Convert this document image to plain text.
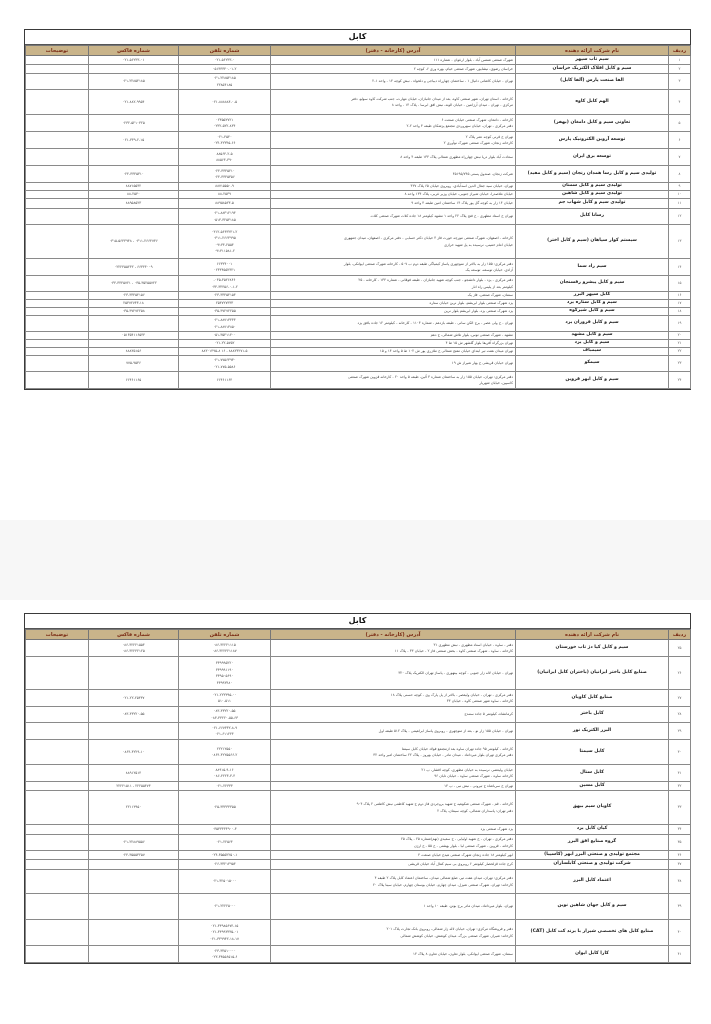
کابل
ردیف	نام شرکت ارائه دهنده	آدرس (کارخانه - دفتر)	شماره تلفن	شماره فاکس	توضیحات
۱	سیم تاب سپهر	شهرک صنعتی شمس آباد - بلوار ارغوان - شماره ۱۱۱	۰۲۱-۵۶۲۳۳-۰	۰۲۱-۵۶۲۳۳-۰۱	

۲	سیم و کابل افلاک الکتریک خراسان	خراسان رضوی، نیشابور، شهرک صنعتی خیام، بهره وری ۶، کوچه ۲	۰۵۱۴۳۳۴۰-۰۱-۲		

۳	الفا صنعت پارس (آلفا کابل)	تهران - خیابان کاشانی دانیال ۱ - ساختمان چهارراه دیباجی و دلخواه - نبش کوچه ۱۴ - واحد ۱-۲	۰۲۱-۲۲۸۵۴۱۸۵
۲۲۸۵۴۱۸۵	۰۲۱-۲۲۸۵۴۱۸۵	

۴	الهم کابل کاوه	کارخانه - استان تهران، شهر صنعتی کاوه، بعد از میدان جانبازان، خیابان مهارت، جنب شرکت کاوه سولو، دفتر
مرکزی - تهران - میدان آرژانتین - خیابان الوند، نبش افق ابرسا - پلاک ۱۴ - واحد ۸	۰۲۱-۸۸۸۸۸۴-۰-۵	۰۲۱-۸۸۲-۹۹۵۴	

۵	تعاونی سیم و کابل دامغان (بهفر)	کارخانه - دامغان، شهرک صنعتی خیابان صنعت ۶
دفتر مرکزی - تهران، خیابان سهروردی مجتمع پزشکان طبقه ۳ واحد ۲-۲	۰۲۳۵۵۲۷۲۱
۰۲۳۲-۵۲۲-۸۳۴	۰۲۳۲-۵۲۱۰۳۲۵	

۶	توسعه آروین الکترونیک پارس	تهران خ قرنی کوچه عمر پلاک ۲
کارخانه زنجان، شهرک صنعتی شهرک نوآوری ۲	۰۲۱-۴۵۴۰
۰۲۴-۳۲۳۴۵-۶۶	۰۲۱-۳۳۹-۲-۱۵	

۷	توسعه برق ایران	سعادت آباد بلوار دریا نبش چهارراه مطهری شمالی پلاک ۱۳۴ طبقه ۴ واحد ۸	۸۸۵۶۴-۲-۵
۸۸۵۶۴-۳۹۰		

۸	تولیدی سیم و کابل رسا همدان زنجان (سیم و کابل مفید)	شرکت زنجان، صندوق پستی ۴۵۱۹۵/۷۴۵	۰۲۴-۳۳۴۵۲۱۰
۰۲۴-۳۳۴۵۳۵۶	۰۲۴-۳۳۴۵۳۱۰	

۹	تولیدی سیم و کابل سمنان	تهران، خیابان سید جمال الدین اسدآبادی، روبروی خیابان ۶۵ پلاک ۴۳۷	۸۸۷۱۵۵۵۰-۹	۸۸۷۱۵۵۴۲	

۱۰	تولیدی سیم و کابل شاهین	خیابان ملاصدرا، خیابان شیراز جنوبی، خیابان وزیر غربی، پلاک ۱۳۴ واحد ۸	۸۸-۲۵۳۹	۸۸-۲۵۴۰	

۱۱	تولیدی سیم و کابل شهاب جم	خیابان ۱۴ زار به کوچه گل پور پلاک ۱۴ ساختمان امین طبقه ۴ واحد ۹	۸۸۹۵۸۵۲۳-۵	۸۸۹۵۸۵۲۳	

۱۲	رسانا کابل	تهران خ استاد مطهری - خ فتح پلاک ۲۲ واحد ۱ مشهد کیلومتر ۱۸ جاده کلات شهرک صنعتی کلات	۰۲۱-۸۸۳۱۲۱۹۴
۰۵۱۳-۳۲۵۳۱۸۵		

۱۳	سیستم کوار سپاهان (سیم و کابل اختر)	کارخانه - اصفهان، شهرک صنعتی مورچه خورت فاز ۴ خیابان دکتر حسابی - دفتر مرکزی - اصفهان، میدان جمهوری
خیابان امام خمینی، نرسیده به پل شهید خرازی	۰۳۱۲-۵۶۴۳۲۴۱-۲
۰۳۱۱-۲۶۶۳۹۹۵
۰۹۱۳۴-۲۵۵۴
۰۹۱۳۱۱۵۸۱-۲	۰۳۱۱-۲۶۶۴۷۳۶ ، ۰۳۱۵-۵۶۴۳۹۴۸	

۱۴	سیم راد سما	دفتر مرکزی: ۱۵۵ زار به بالاتر از منوچهری پاساژ کیمیاگی طبقه دوم ب ۵۰۷ - کارخانه شهرک صنعتی ایوانکی، بلوار
آزادی، خیابان توسعه، توسعه یک	۶۶۳۳۴۰۰۱
۰۲۳۳۴۵۵۲۴۲۱	۶۶۳۴۴۰۰۹ ، ۰۲۲۲۴۵۵۲۳۲	

۱۵	سیم و کابل پیشرو رفسنجان	دفتر مرکزی - یزد - بلوار دانشجو - جنب کوچه شهید جانبازان - طبقه فوقانی - شماره ۱۳۴ - کارخانه - ۲۵
کیلومتر بعد از پلیس راه انار	۰۳۵-۳۵۲۶۸۴۶-
۰۳۴-۳۴۴۵۶-۰-۱-۲	۰۳۵-۳۵۲۵۵۷۲۲ ، ۰۳۴-۳۴۴۵۷۲۱	

۱۶	کابل سپهر البرز	سمنان، شهرک صنعتی، فاز یک	۰۲۳-۳۳۴۵۴۱۵۴	۰۲۳-۳۳۴۵۴۱۵۶	

۱۷	سیم و کابل ستاره یزد	یزد شهرک صنعتی بلوار ابریشم، بلوار نرین خیابان ستاره	۲۵۳۷۲۷۳۳۳	۲۵۳۷۲۷۳۳-۱۸	

۱۸	سیم و کابل شیرکوه	یزد شهرک صنعتی یزد، بلوار ابریشم بلوار نرین	۰۳۵-۳۷۲۷۲۲۵۵	۰۳۵-۳۷۲۷۲۲۵۸	

۱۹	سیم و کابل فروزان یزد	تهران - خ ولی عصر - برج الکن سانی - طبقه بازدهم - شماره ۱۱۰۳ - کارخانه - کیلومتر ۱۲ جاده بافق یزد	۰۲۱-۸۸۷۱۳۴۳۴
۰۲۱-۸۸۷۱۳۸۵۰		

۲۰	سیم و کابل مشهد	مشهد - شهرک صنعتی توس، بلوار تلاش شمالی، خ دهم	۰۵۱-۳۵۴۱۱۴۰۰	۰۵۱۳۵۴۱۱۶۵۴۴	

۲۱	سیم و کابل یزد	تهران بزرگراه آفریقا بلوار گلشهر ش ۱۵ ط ۴	۰۲۱-۲۲-۵۷۵۲		

۲۲	سیمباف	تهران میدان هفت تیر ابتدای خیابان مفتح شمالی خ ملازری پور ش ۱۰۲ ط ۵ واحد ۱۴ و ۱۵	۸۸۸۳۴۲۷۱-۵ ، ۱۶ ۸۸۳۰۱۴۹۵-۸	۸۸۸۳۵۱۵۶	

۲۳	سیمکو	تهران خیابان قریشی خ بهار شیراز ش ۱۹	۰۲۱-۷۷۵۶۳۹۳۰
۰۲۱-۷۷۵-۵۵۸۶	۷۷۵-۹۵۳۶	

۲۴	سیم و کابل ابهر قزوین	دفتر مرکزی: تهران، خیابان ۱۵۵ زار به ساختمان شماره ۳ آلین، طبقه ۵ واحد ۲۰ - کارخانه قزوین شهرک صنعتی
کاسپین، خیابان شهریار	۶۶۴۶۱۱۶۴	۶۶۴۶۱۱۶۵	

کابل
ردیف	نام شرکت ارائه دهنده	آدرس (کارخانه - دفتر)	شماره تلفن	شماره فاکس	توضیحات
۲۵	سیم و کابل کیا دژ تاب خوزستان	دفتر - ساوه - خیابان استاد مطهری - نبش مطهری ۳۱
کارخانه - ساوه - شهرک صنعتی کاوه - بخش صنعتی فاز ۲ - خیابان ۳۳ - پلاک ۱۱	۰۸۶-۴۲۲۲۱۱۱۵
۰۸۶-۴۲۲۴۲۱۱۸۷	۰۸۶-۴۲۲۲۱۵۵۴
۰۸۶-۴۲۲۴۲۱۲۵	

۲۶	صنایع کابل باختر ایرانیان (باختران کابل ایرانیان)	تهران - خیابان لاله زار جنوبی - کوچه بیتهوری - پاساژ تهران الکتریک پلاک ۳۲۰	۳۳۹۹۹۵۲۲۰
۳۳۹۹۹۱۱۹۰
۳۳۹۵۰۵۶۹۰
۳۳۹۹۳۴۸۰		

۲۷	صنایع کابل کاویان	دفتر مرکزی - تهران - خیابان ولیعصر - بالاتر از پل پارک وی - کوچه حسنی پلاک ۱۸
کارخانه - ساوه شهر صنعتی کاوه - خیابان ۳۳	۰۲۱-۲۲۳۳۹۵-۰۰
۵۱۰-۵۱۱	۰۲۱-۲۲-۲۵۳۳۷	

۲۸	کابل باختر	کرمانشاه، کیلومتر ۵ جاده سنندج	۰۸۳-۳۳۲۲۰-۵۵
۰۸۳-۳۳۲۲۰-۵۵-۶۳	۰۸۳-۳۳۲۲۰-۵۵	

۲۹	البرز الکتریک نور	تهران - خیابان ۱۵۵ زار نو - بعد از منوچهری - روبروی پاساژ ابراهیمی - پلاک ۵۱۲ طبقه اول	۰۲۱-۶۶۷۳۳۲-۸-۹
۰۲۱-۶۱۱۲۴۴		

۳۰	کابل سیمتا	کارخانه - کیلومتر ۹۵ جاده تهران ساوه بعد ازمجتمع فولاد خیابان کابل سیمتا
دفتر مرکزی تهران بلوار میرداماد - میدان مادر - خیابان بهروز - پلاک ۲۲ ساختمان امیر واحد ۳۲	۲۲۲۱۲۵۵۰
۰۸۶۴-۴۲۲۵۵۶۶-۲	۰۸۶۴-۴۲۲۹-۱۰	

۳۱	کابل ستال	خیابان ولیعصر، نرسیده به خیابان مطهری، کوچه افشار، پ ۲۱
کارخانه ساوه - شهرک صنعتی ساوه - خیابان تابان ۹۶	۸۸۹۱۵-۹-۱۶
۰۸۶-۴۲۲۳-۳-۴	۸۸۹۱۲۵۱۴	

۳۲	کابل مسین	تهران خ سرباشاه خ تیرونی - نبش نبی - پ ۱۴	۰۲۱-۲۲۳۳۳	۲۲۲۵۵۴۷۳ ، ۲۲۲۲۱۵۱۱	

۳۳	کاویان سیم بیهق	کارخانه - قم - شهرک صنعتی شکوهیه خ شهید بروجردی فاز دوم خ شهید کاظمی نبش کاظمی ۲ پلاک ۹۰۴
دفتر تهران: پاسداران شمالی، کوچه سیمان، پلاک ۲	۰۲۵-۳۳۳۳۳۳۵۵	۲۲۱۱۳۹۵۰	

۳۴	کیان کابل یزد	یزد شهرک صنعتی یزد	۰۳۵۳۳۳۳۳۹۰۰-۳		

۳۵	گروه صنایع افق البرز	دفتر مرکزی - تهران - خ شهید اولیایی - خ سعیدی (نهم)شماره ۲۵ - پلاک ۲۵
کارخانه - قزوین - شهرک صنعتی لیا - بلوار بهشتی - خ ۵۵ - خ ارژن	۰۲۱-۲۲۵۶۴	۰۲۱-۲۲۸۸۹۵۵۶	

۳۶	مجتمع تولیدی و صنعتی البرز ابهر (کاسپیا)	ابهر کیلومتر ۱۸ جاده زنجان شهرک صنعتی هیدج خیابان صنعت ۴	۰۲۴-۳۵۵۵۲۲۵۰-۱	۰۲۴-۳۵۵۵۳۲۵۷	

۳۷	شرکت تولیدی و صنعتی کابلسازان	کرج جاده قزلحصار کیلومتر ۶ روبروی بی سیم کمال آباد خیابان قریشی	۰۲۶-۳۳۲۱۳۹۵۴		

۳۸	اعتماد کابل البرز	دفتر مرکزی: تهران، میدان هفت تیر، ضلع شمالی میدان، ساختمان اعتماد کابل پلاک ۲ طبقه ۴
کارخانه: تهران، شهرک صنعتی شیزل، میدان چهارم، خیابان بوستان چهارم، خیابان سینا پلاک ۲۰	۰۲۱-۴۲۵۰۱۵۰۰۰		

۳۹	سیم و کابل جهان شاهین نوین	تهران، بلوار میرداماد، میدان مادر برج بوتن، طبقه ۱۰ واحد ۱	۰۲۱-۲۲۲۲۵۰۰۰		

۴۰	صنایع کابل های تخصصی شیراز با برند کت کابل (CAT)	دفتر و فروشگاه مرکزی: تهران، خیابان لاله زار شمالی، روبروی بانک تجارت پلاک ۲۰۱
کارخانه: شیراز، شهرک صنعتی بزرگ، میدان کوشش، خیابان کوشش شمالی	۰۲۱-۳۳۹۸۵۶۷۴-۱۵
۰۲۱-۳۳۹۹۳۳۳۵-۰۱
۰۲۱-۳۳۹۹۳۲-۱۸-۱۷		

۴۱	کارا کابل ایوان	سمنان، شهرک صنعتی ایوانکی، بلوار تعاون، خیابان تعاون ۸ پلاک ۱۴	۰۲۳-۳۴۵۱۰۰۰۰
۰۲۳-۳۴۵۵۶۵۱۵-۶		
